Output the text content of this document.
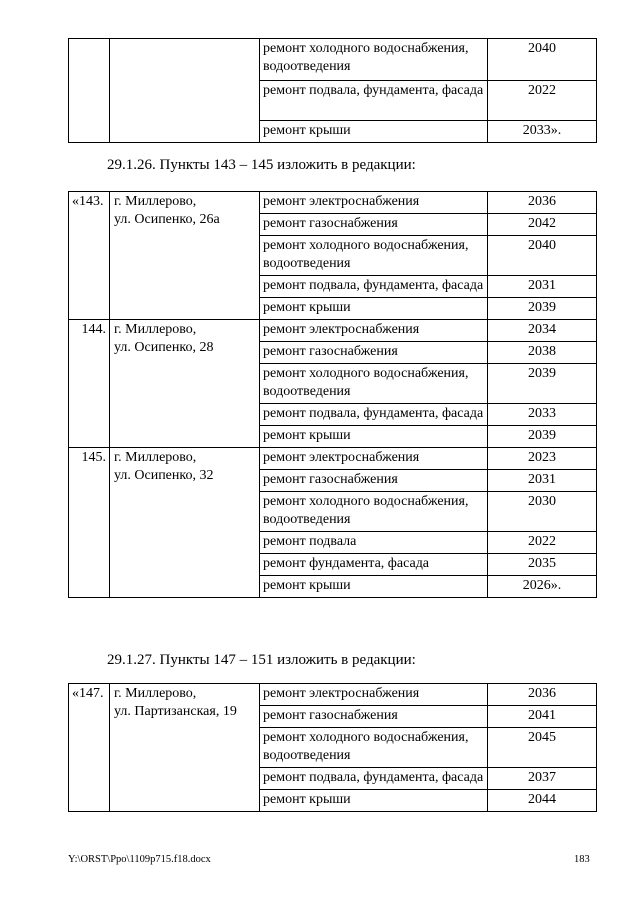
		ремонт холодного водоснабжения, водоотведения	2040
		ремонт подвала, фундамента, фасада	2022
		ремонт крыши	2033».
29.1.26. Пункты 143 – 145 изложить в редакции:
«143.	г. Миллерово,
ул. Осипенко, 26а	ремонт электроснабжения	2036
		ремонт газоснабжения	2042
		ремонт холодного водоснабжения, водоотведения	2040
		ремонт подвала, фундамента, фасада	2031
		ремонт крыши	2039
144.	г. Миллерово,
ул. Осипенко, 28	ремонт электроснабжения	2034
		ремонт газоснабжения	2038
		ремонт холодного водоснабжения, водоотведения	2039
		ремонт подвала, фундамента, фасада	2033
		ремонт крыши	2039
145.	г. Миллерово,
ул. Осипенко, 32	ремонт электроснабжения	2023
		ремонт газоснабжения	2031
		ремонт холодного водоснабжения, водоотведения	2030
		ремонт подвала	2022
		ремонт фундамента, фасада	2035
		ремонт крыши	2026».
29.1.27. Пункты 147 – 151 изложить в редакции:
«147.	г. Миллерово,
ул. Партизанская, 19	ремонт электроснабжения	2036
		ремонт газоснабжения	2041
		ремонт холодного водоснабжения, водоотведения	2045
		ремонт подвала, фундамента, фасада	2037
		ремонт крыши	2044
Y:\ORST\Ppo\1109p715.f18.docx	183
